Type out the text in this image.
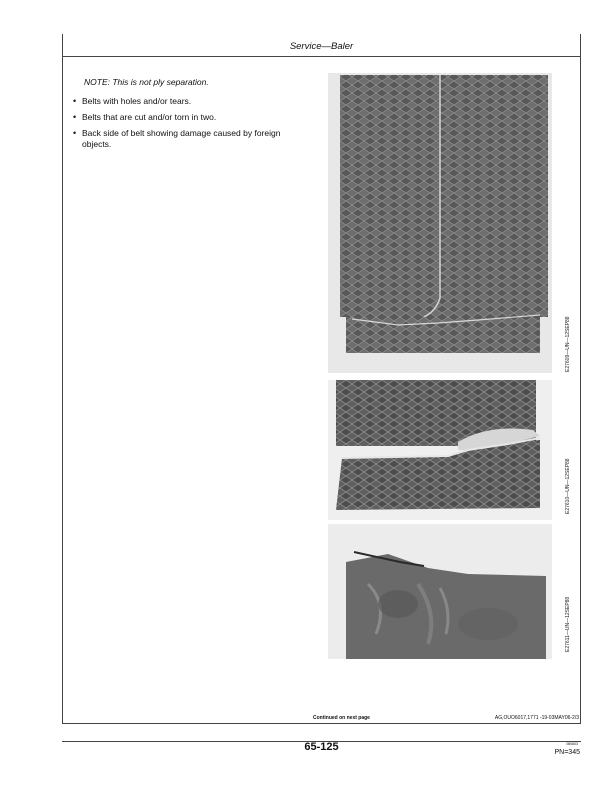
Service—Baler
NOTE: This is not ply separation.
• Belts with holes and/or tears.
• Belts that are cut and/or torn in two.
• Back side of belt showing damage caused by foreign objects.
E27609—UN—12SEP88
E27610—UN—12SEP88
E27611—UN—12SEP88
Continued on next page	AG,OUO6017,1771 -19-03MAY06-2/3
65-125	080603
PN=345
